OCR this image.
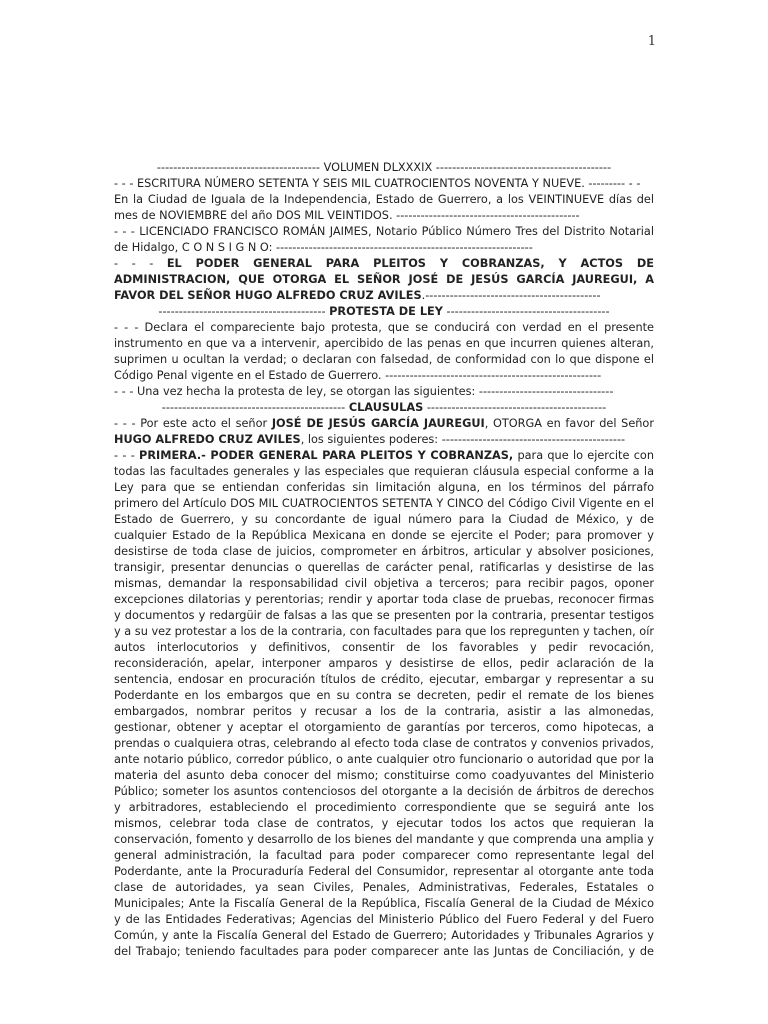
1
---------------------------------------- VOLUMEN DLXXXIX -------------------------------------------
- - - ESCRITURA NÚMERO SETENTA Y SEIS MIL CUATROCIENTOS NOVENTA Y NUEVE. --------- - -
En la Ciudad de Iguala de la Independencia, Estado de Guerrero, a los VEINTINUEVE días del
mes de NOVIEMBRE del año DOS MIL VEINTIDOS. ---------------------------------------------
- - - LICENCIADO FRANCISCO ROMÁN JAIMES, Notario Público Número Tres del Distrito Notarial
de Hidalgo, C O N S I G N O: ---------------------------------------------------------------
- - - EL PODER GENERAL PARA PLEITOS Y COBRANZAS, Y ACTOS DE
ADMINISTRACION, QUE OTORGA EL SEÑOR JOSÉ DE JESÚS GARCÍA JAUREGUI, A
FAVOR DEL SEÑOR HUGO ALFREDO CRUZ AVILES.-------------------------------------------
----------------------------------------- PROTESTA DE LEY ----------------------------------------
- - - Declara el compareciente bajo protesta, que se conducirá con verdad en el presente
instrumento en que va a intervenir, apercibido de las penas en que incurren quienes alteran,
suprimen u ocultan la verdad; o declaran con falsedad, de conformidad con lo que dispone el
Código Penal vigente en el Estado de Guerrero. -----------------------------------------------------
- - - Una vez hecha la protesta de ley, se otorgan las siguientes: ---------------------------------
--------------------------------------------- CLAUSULAS --------------------------------------------
- - - Por este acto el señor JOSÉ DE JESÚS GARCÍA JAUREGUI, OTORGA en favor del Señor
HUGO ALFREDO CRUZ AVILES, los siguientes poderes: ---------------------------------------------
- - - PRIMERA.- PODER GENERAL PARA PLEITOS Y COBRANZAS, para que lo ejercite con
todas las facultades generales y las especiales que requieran cláusula especial conforme a la
Ley para que se entiendan conferidas sin limitación alguna, en los términos del párrafo
primero del Artículo DOS MIL CUATROCIENTOS SETENTA Y CINCO del Código Civil Vigente en el
Estado de Guerrero, y su concordante de igual número para la Ciudad de México, y de
cualquier Estado de la República Mexicana en donde se ejercite el Poder; para promover y
desistirse de toda clase de juicios, comprometer en árbitros, articular y absolver posiciones,
transigir, presentar denuncias o querellas de carácter penal, ratificarlas y desistirse de las
mismas, demandar la responsabilidad civil objetiva a terceros; para recibir pagos, oponer
excepciones dilatorias y perentorias; rendir y aportar toda clase de pruebas, reconocer firmas
y documentos y redargüir de falsas a las que se presenten por la contraria, presentar testigos
y a su vez protestar a los de la contraria, con facultades para que los repregunten y tachen, oír
autos interlocutorios y definitivos, consentir de los favorables y pedir revocación,
reconsideración, apelar, interponer amparos y desistirse de ellos, pedir aclaración de la
sentencia, endosar en procuración títulos de crédito, ejecutar, embargar y representar a su
Poderdante en los embargos que en su contra se decreten, pedir el remate de los bienes
embargados, nombrar peritos y recusar a los de la contraria, asistir a las almonedas,
gestionar, obtener y aceptar el otorgamiento de garantías por terceros, como hipotecas, a
prendas o cualquiera otras, celebrando al efecto toda clase de contratos y convenios privados,
ante notario público, corredor público, o ante cualquier otro funcionario o autoridad que por la
materia del asunto deba conocer del mismo; constituirse como coadyuvantes del Ministerio
Público; someter los asuntos contenciosos del otorgante a la decisión de árbitros de derechos
y arbitradores, estableciendo el procedimiento correspondiente que se seguirá ante los
mismos, celebrar toda clase de contratos, y ejecutar todos los actos que requieran la
conservación, fomento y desarrollo de los bienes del mandante y que comprenda una amplia y
general administración, la facultad para poder comparecer como representante legal del
Poderdante, ante la Procuraduría Federal del Consumidor, representar al otorgante ante toda
clase de autoridades, ya sean Civiles, Penales, Administrativas, Federales, Estatales o
Municipales; Ante la Fiscalía General de la República, Fiscalía General de la Ciudad de México
y de las Entidades Federativas; Agencias del Ministerio Público del Fuero Federal y del Fuero
Común, y ante la Fiscalía General del Estado de Guerrero; Autoridades y Tribunales Agrarios y
del Trabajo; teniendo facultades para poder comparecer ante las Juntas de Conciliación, y de
